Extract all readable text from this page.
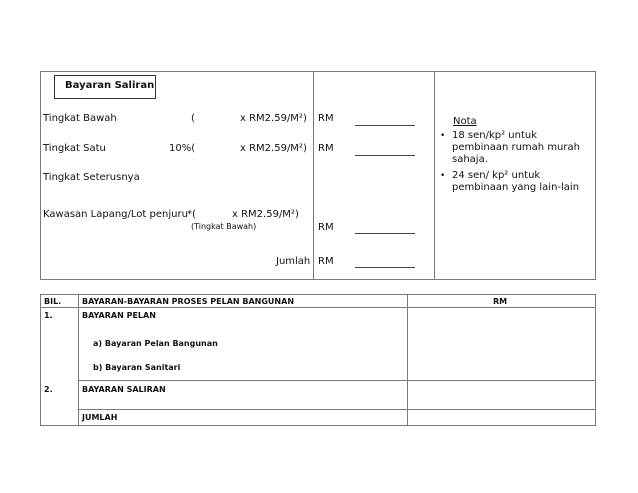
Bayaran Saliran
Tingkat Bawah	(	x RM2.59/M²) RM
Tingkat Satu	10%(	x RM2.59/M²) RM
Tingkat Seterusnya
Kawasan Lapang/Lot penjuru *(	x RM2.59/M²)
(Tingkat Bawah)	RM
Jumlah RM
Nota
• 18 sen/kp² untuk pembinaan rumah murah sahaja.
• 24 sen/ kp² untuk pembinaan yang lain-lain
BIL.	BAYARAN-BAYARAN PROSES PELAN BANGUNAN	RM
1.	BAYARAN PELAN
a) Bayaran Pelan Bangunan
b) Bayaran Sanitari
2.	BAYARAN SALIRAN
JUMLAH
